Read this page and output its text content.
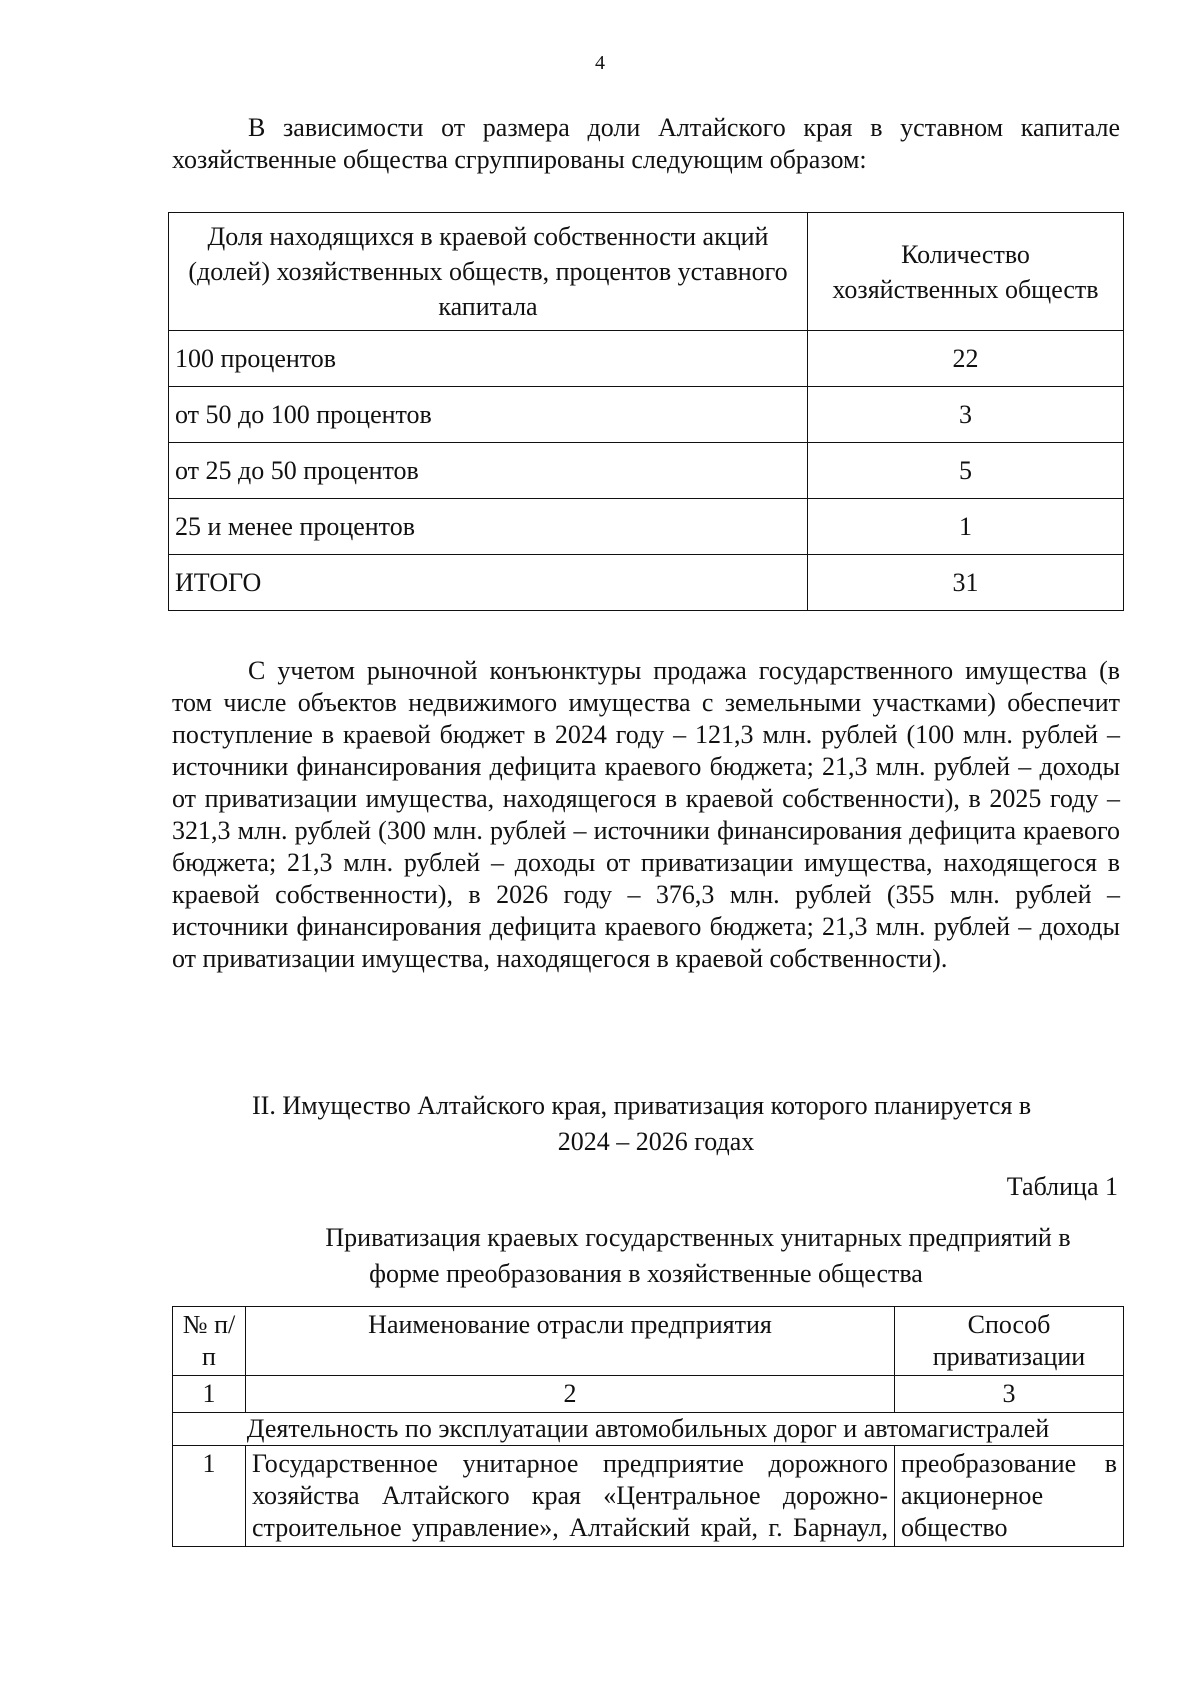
4

В зависимости от размера доли Алтайского края в уставном капитале хозяйственные общества сгруппированы следующим образом:

Доля находящихся в краевой собственности акций (долей) хозяйственных обществ, процентов уставного капитала	Количество хозяйственных обществ
100 процентов	22
от 50 до 100 процентов	3
от 25 до 50 процентов	5
25 и менее процентов	1
ИТОГО	31

С учетом рыночной конъюнктуры продажа государственного имущества (в том числе объектов недвижимого имущества с земельными участками) обеспечит поступление в краевой бюджет в 2024 году – 121,3 млн. рублей (100 млн. рублей – источники финансирования дефицита краевого бюджета; 21,3 млн. рублей – доходы от приватизации имущества, находящегося в краевой собственности), в 2025 году – 321,3 млн. рублей (300 млн. рублей – источники финансирования дефицита краевого бюджета; 21,3 млн. рублей – доходы от приватизации имущества, находящегося в краевой собственности), в 2026 году – 376,3 млн. рублей (355 млн. рублей – источники финансирования дефицита краевого бюджета; 21,3 млн. рублей – доходы от приватизации имущества, находящегося в краевой собственности).

II. Имущество Алтайского края, приватизация которого планируется в
2024 – 2026 годах
Таблица 1
Приватизация краевых государственных унитарных предприятий в
форме преобразования в хозяйственные общества
№ п/п	Наименование отрасли предприятия	Способ приватизации
1	2	3
Деятельность по эксплуатации автомобильных дорог и автомагистралей		
1	Государственное унитарное предприятие дорожного хозяйства Алтайского края «Центральное дорожно-строительное управление», Алтайский край, г. Барнаул,	преобразование в акционерное общество
